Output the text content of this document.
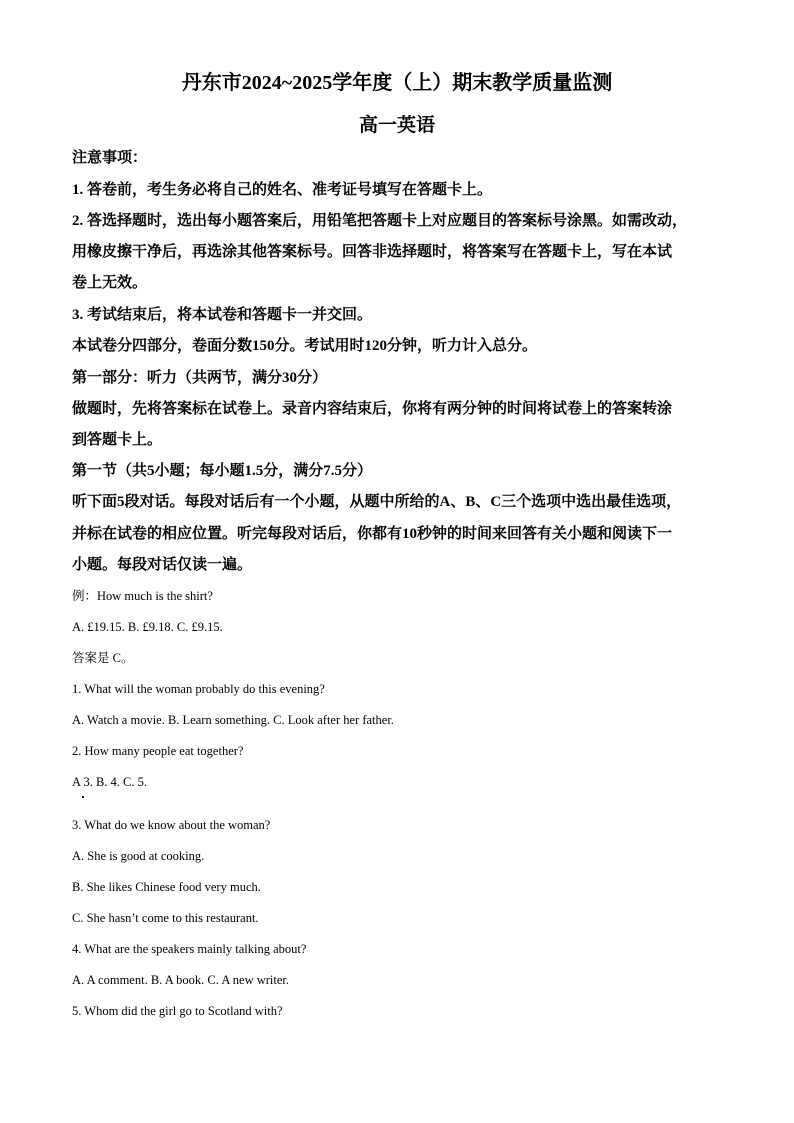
丹东市2024~2025学年度（上）期末教学质量监测
高一英语
注意事项：
1. 答卷前，考生务必将自己的姓名、准考证号填写在答题卡上。
2. 答选择题时，选出每小题答案后，用铅笔把答题卡上对应题目的答案标号涂黑。如需改动，
用橡皮擦干净后，再选涂其他答案标号。回答非选择题时，将答案写在答题卡上，写在本试
卷上无效。
3. 考试结束后，将本试卷和答题卡一并交回。
本试卷分四部分，卷面分数150分。考试用时120分钟，听力计入总分。
第一部分：听力（共两节，满分30分）
做题时，先将答案标在试卷上。录音内容结束后，你将有两分钟的时间将试卷上的答案转涂
到答题卡上。
第一节（共5小题；每小题1.5分，满分7.5分）
听下面5段对话。每段对话后有一个小题，从题中所给的A、B、C三个选项中选出最佳选项，
并标在试卷的相应位置。听完每段对话后，你都有10秒钟的时间来回答有关小题和阅读下一
小题。每段对话仅读一遍。
例：How much is the shirt?
A. £19.15. B. £9.18. C. £9.15.
答案是 C。
1. What will the woman probably do this evening?
A. Watch a movie. B. Learn something. C. Look after her father.
2. How many people eat together?
A 3. B. 4. C. 5.
3. What do we know about the woman?
A. She is good at cooking.
B. She likes Chinese food very much.
C. She hasn’t come to this restaurant.
4. What are the speakers mainly talking about?
A. A comment. B. A book. C. A new writer.
5. Whom did the girl go to Scotland with?
